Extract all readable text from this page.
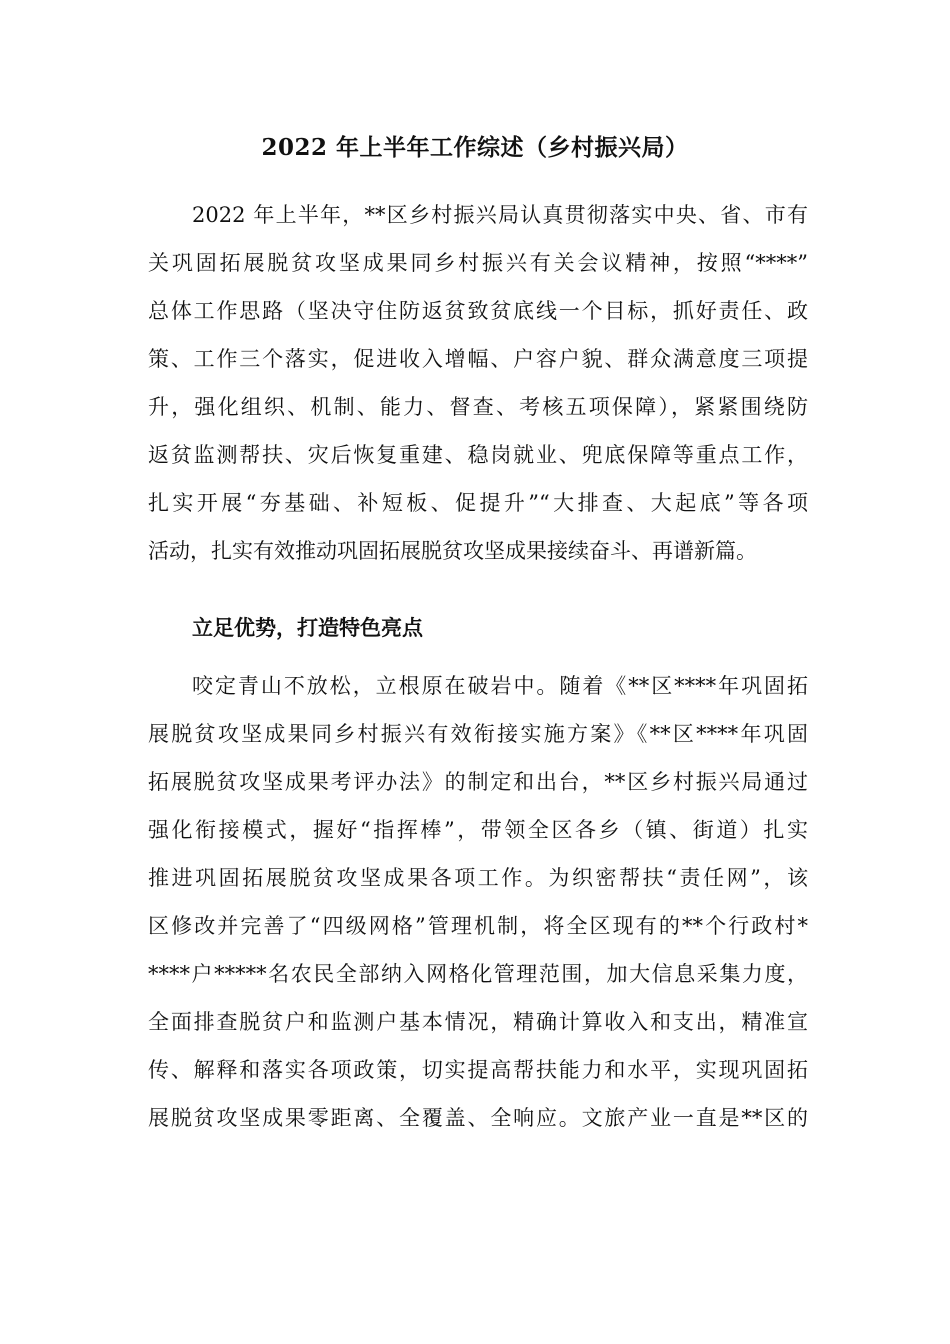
2022 年上半年工作综述（乡村振兴局）
2022 年上半年，**区乡村振兴局认真贯彻落实中央、省、市有
关巩固拓展脱贫攻坚成果同乡村振兴有关会议精神，按照“****”
总体工作思路（坚决守住防返贫致贫底线一个目标，抓好责任、政
策、工作三个落实，促进收入增幅、户容户貌、群众满意度三项提
升，强化组织、机制、能力、督查、考核五项保障），紧紧围绕防
返贫监测帮扶、灾后恢复重建、稳岗就业、兜底保障等重点工作，
扎实开展“夯基础、补短板、促提升”“大排查、大起底”等各项
活动，扎实有效推动巩固拓展脱贫攻坚成果接续奋斗、再谱新篇。
立足优势，打造特色亮点
咬定青山不放松，立根原在破岩中。随着《**区****年巩固拓
展脱贫攻坚成果同乡村振兴有效衔接实施方案》《**区****年巩固
拓展脱贫攻坚成果考评办法》的制定和出台，**区乡村振兴局通过
强化衔接模式，握好“指挥棒”，带领全区各乡（镇、街道）扎实
推进巩固拓展脱贫攻坚成果各项工作。为织密帮扶“责任网”，该
区修改并完善了“四级网格”管理机制，将全区现有的**个行政村*
****户*****名农民全部纳入网格化管理范围，加大信息采集力度，
全面排查脱贫户和监测户基本情况，精确计算收入和支出，精准宣
传、解释和落实各项政策，切实提高帮扶能力和水平，实现巩固拓
展脱贫攻坚成果零距离、全覆盖、全响应。文旅产业一直是**区的
